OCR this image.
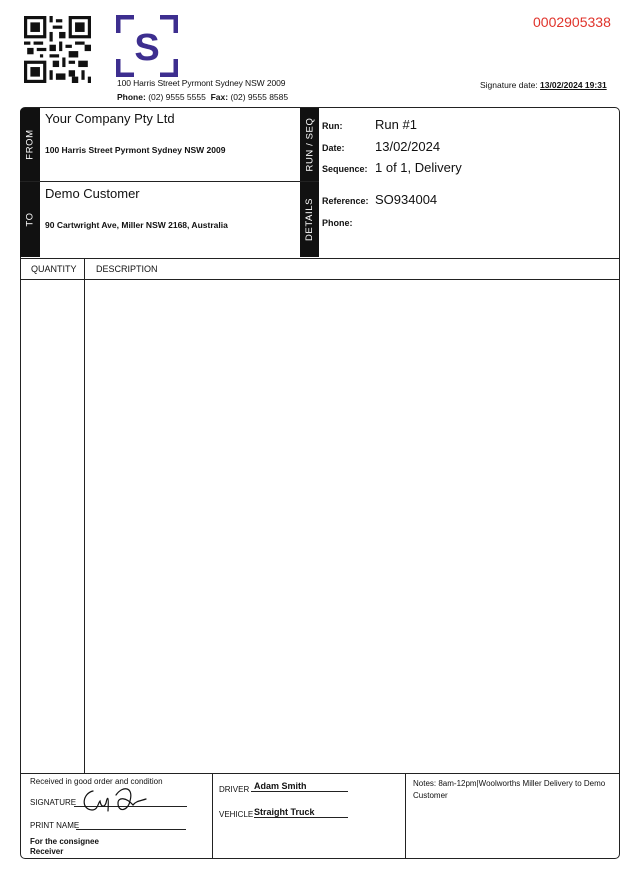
S
100 Harris Street Pyrmont Sydney NSW 2009
Phone: (02) 9555 5555 Fax: (02) 9555 8585
0002905338
Signature date: 13/02/2024 19:31
FROM
TO
RUN / SEQ
DETAILS
Your Company Pty Ltd
100 Harris Street Pyrmont Sydney NSW 2009
Demo Customer
90 Cartwright Ave, Miller NSW 2168, Australia
Run:	Run #1
Date: 13/02/2024
Sequence: 1 of 1, Delivery
Reference: SO934004
Phone:
QUANTITY DESCRIPTION
Received in good order and condition
SIGNATURE
PRINT NAME
For the consignee
Receiver
DRIVER Adam Smith
VEHICLE Straight Truck
Notes: 8am-12pm|Woolworths Miller Delivery to Demo Customer
